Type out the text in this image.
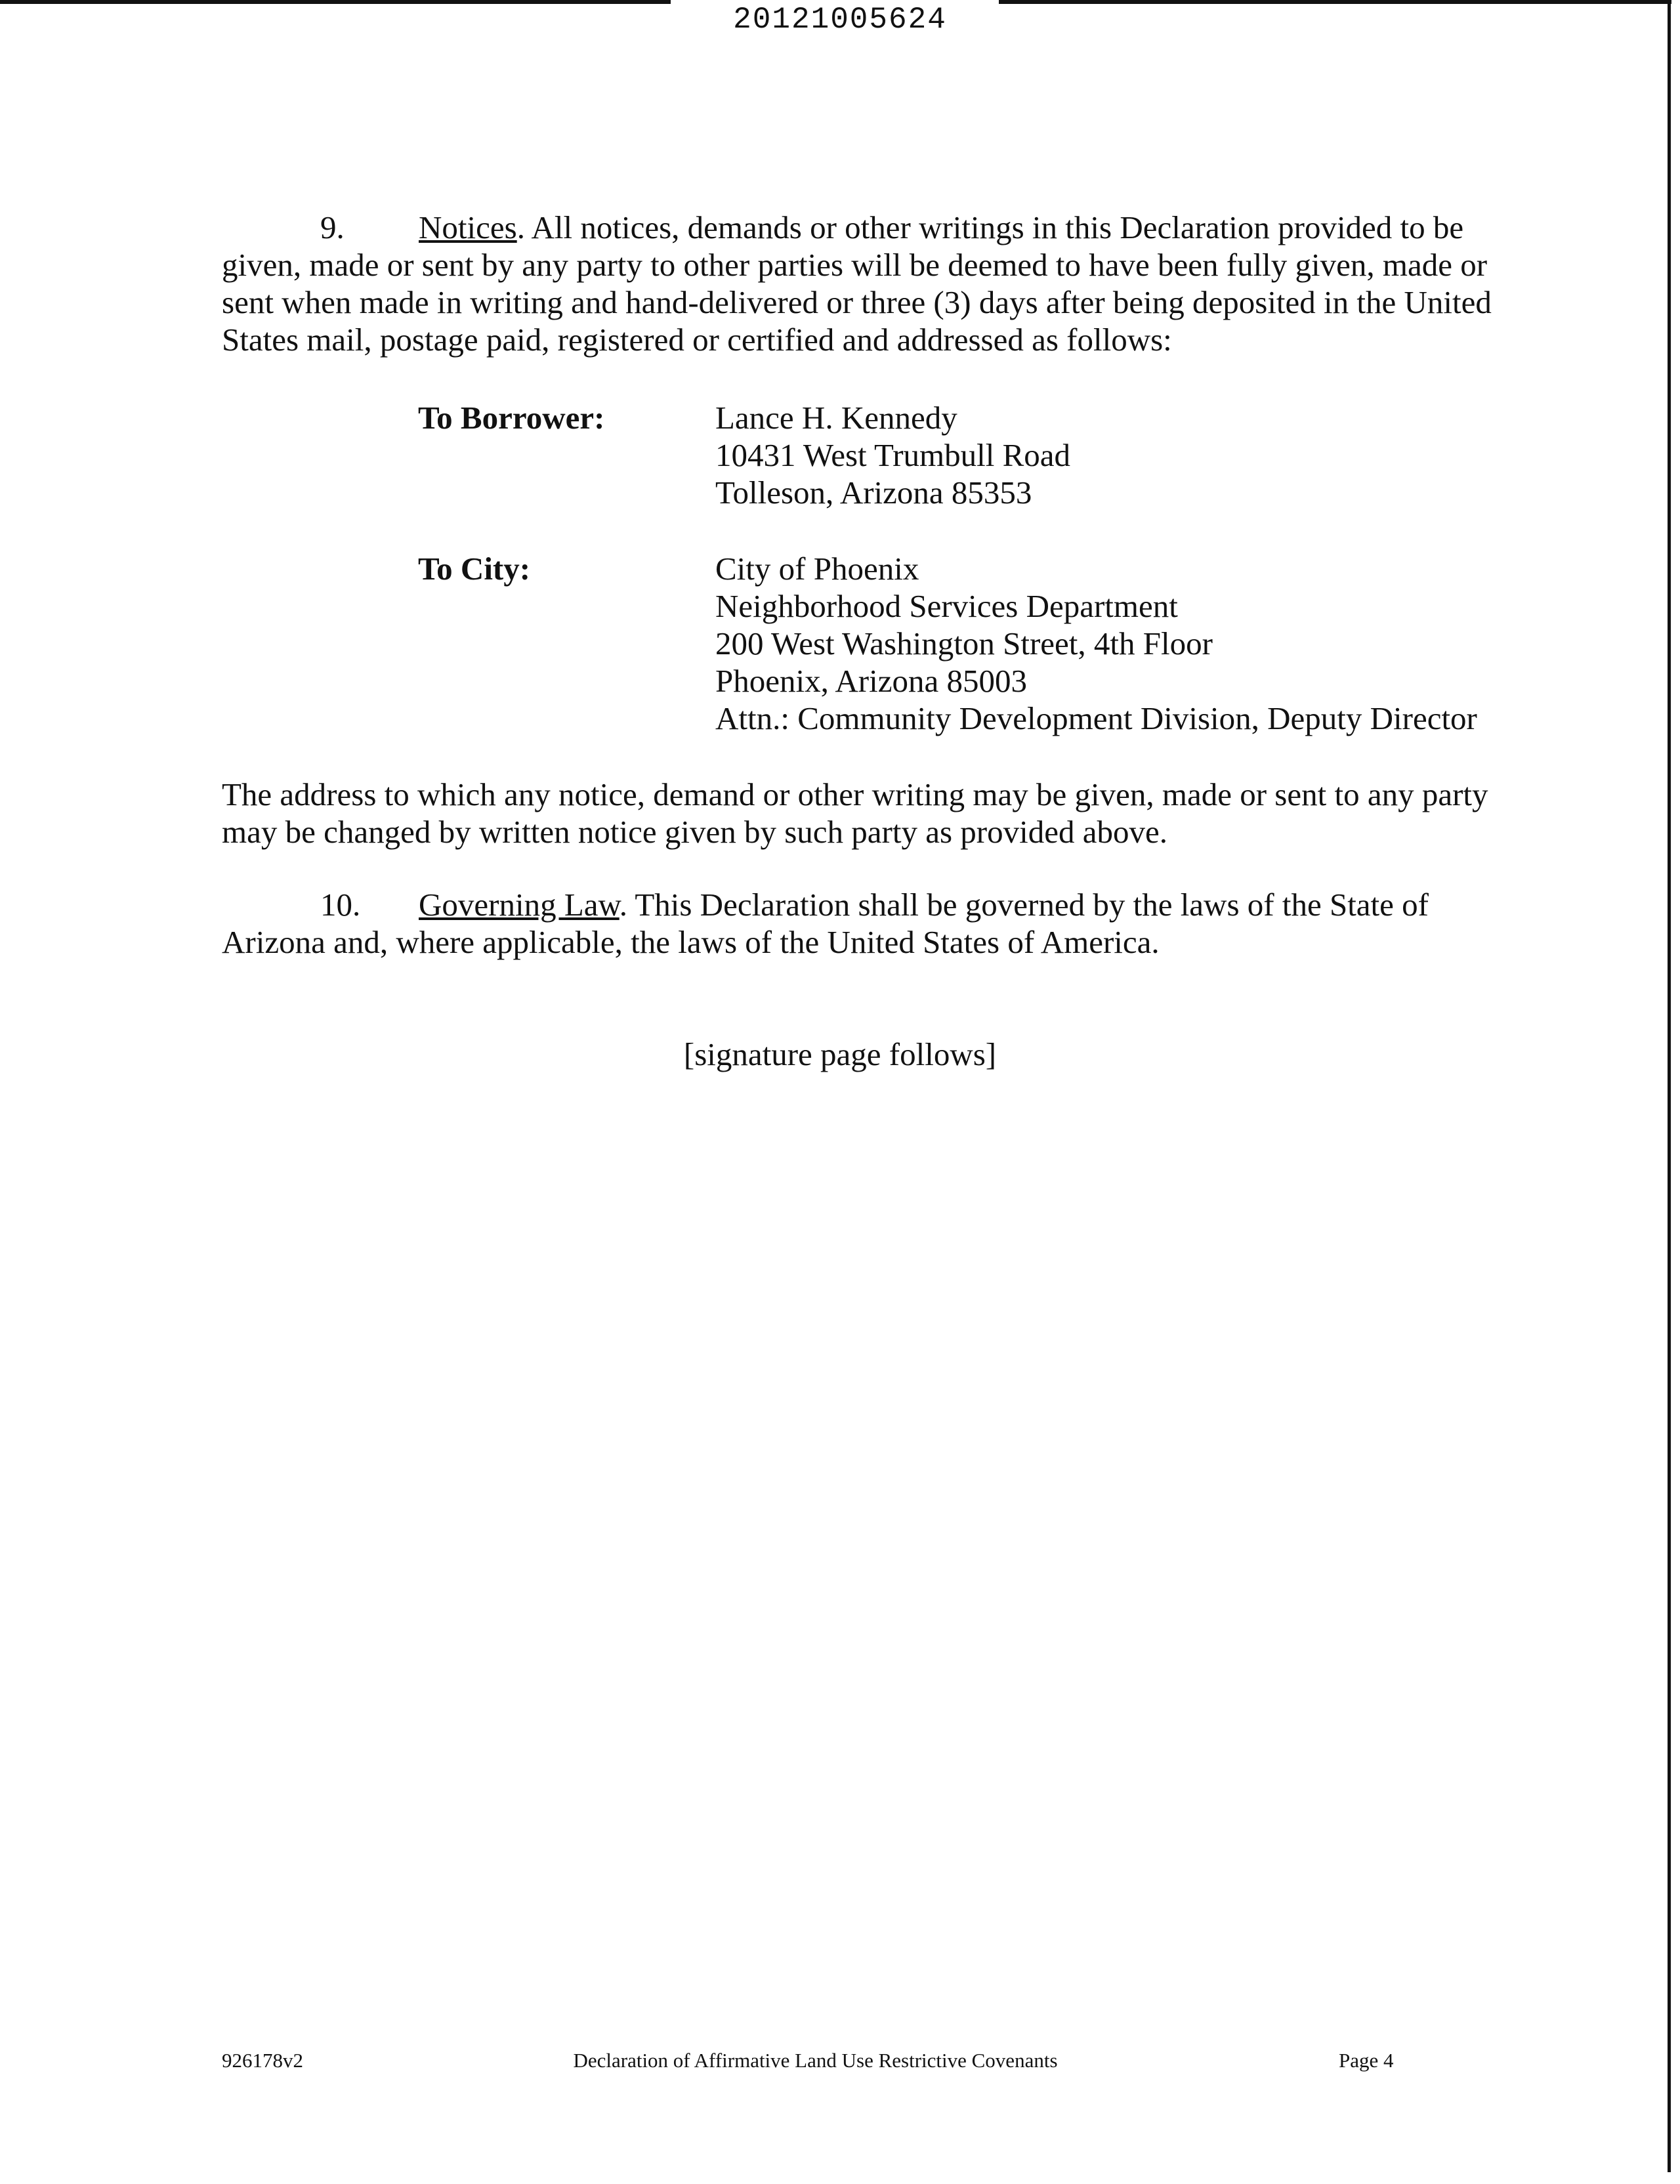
20121005624

9. Notices. All notices, demands or other writings in this Declaration provided to be given, made or sent by any party to other parties will be deemed to have been fully given, made or sent when made in writing and hand-delivered or three (3) days after being deposited in the United States mail, postage paid, registered or certified and addressed as follows:

To Borrower:	Lance H. Kennedy
10431 West Trumbull Road
Tolleson, Arizona 85353
To City:	City of Phoenix
Neighborhood Services Department
200 West Washington Street, 4th Floor
Phoenix, Arizona 85003
Attn.: Community Development Division, Deputy Director

The address to which any notice, demand or other writing may be given, made or sent to any party may be changed by written notice given by such party as provided above.

10. Governing Law. This Declaration shall be governed by the laws of the State of Arizona and, where applicable, the laws of the United States of America.

[signature page follows]
926178v2	Declaration of Affirmative Land Use Restrictive Covenants	Page 4
